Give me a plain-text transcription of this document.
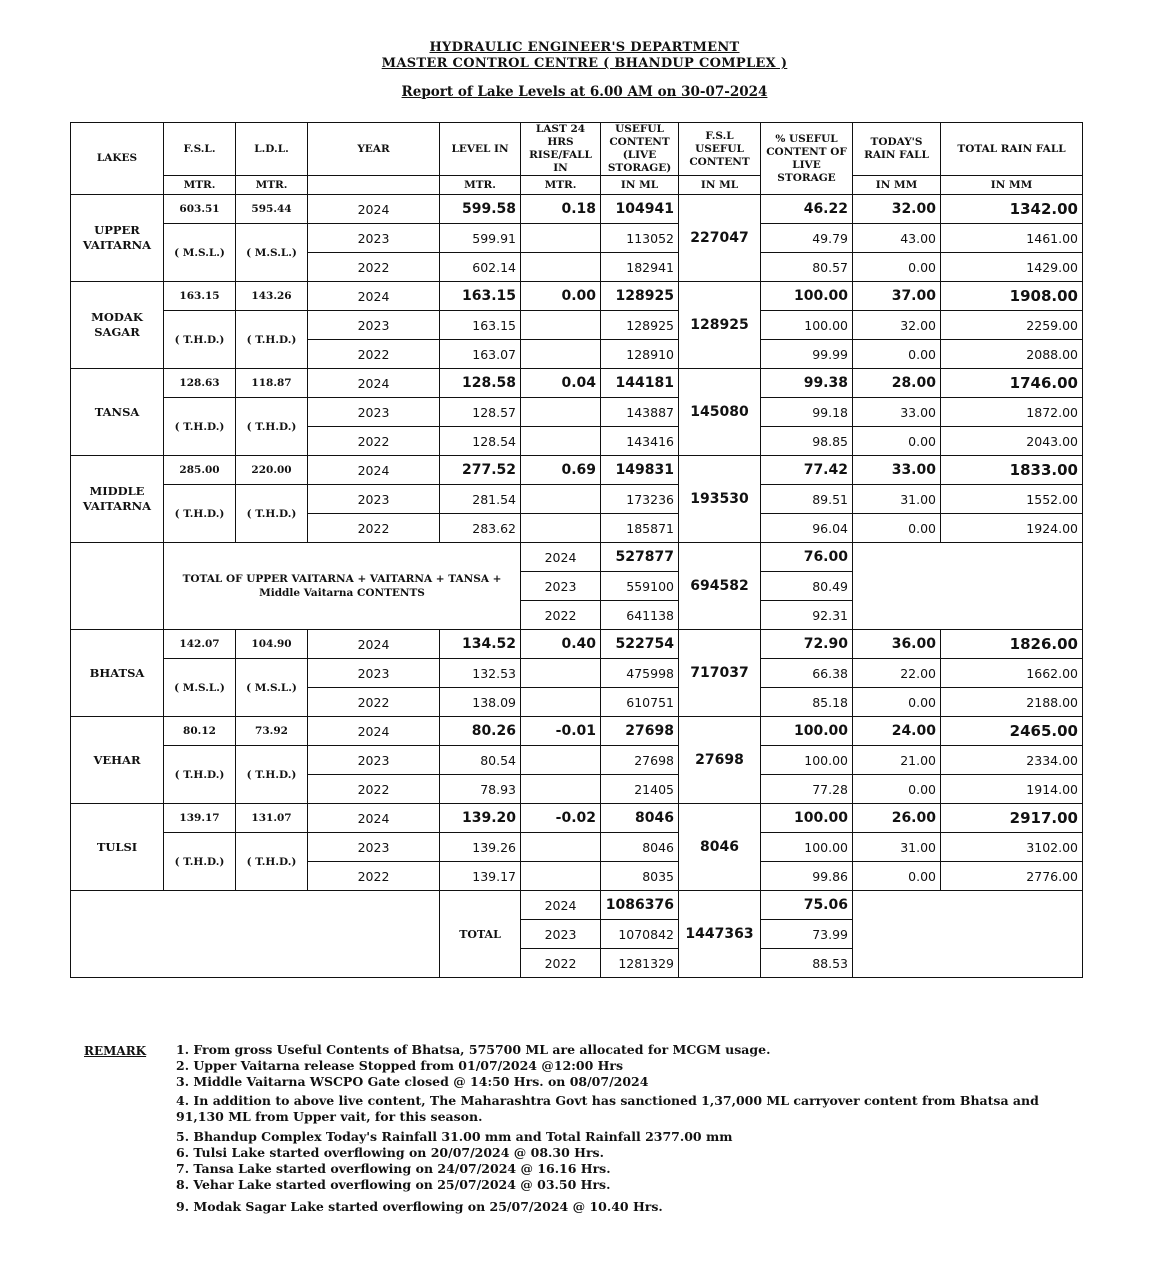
HYDRAULIC ENGINEER'S DEPARTMENT
MASTER CONTROL CENTRE ( BHANDUP COMPLEX )
Report of Lake Levels at 6.00 AM on 30-07-2024
LAKES	F.S.L.	L.D.L.	YEAR	LEVEL IN	LAST 24 HRS RISE/FALL IN	USEFUL CONTENT (LIVE STORAGE)	F.S.L USEFUL CONTENT	% USEFUL CONTENT OF LIVE STORAGE	TODAY'S RAIN FALL	TOTAL RAIN FALL
	MTR.	MTR.		MTR.	MTR.	IN ML	IN ML		IN MM	IN MM
UPPER VAITARNA	603.51	595.44	2024	599.58	0.18	104941	227047	46.22	32.00	1342.00
	( M.S.L.)	( M.S.L.)	2023	599.91		113052		49.79	43.00	1461.00
			2022	602.14		182941		80.57	0.00	1429.00
MODAK SAGAR	163.15	143.26	2024	163.15	0.00	128925	128925	100.00	37.00	1908.00
	( T.H.D.)	( T.H.D.)	2023	163.15		128925		100.00	32.00	2259.00
			2022	163.07		128910		99.99	0.00	2088.00
TANSA	128.63	118.87	2024	128.58	0.04	144181	145080	99.38	28.00	1746.00
	( T.H.D.)	( T.H.D.)	2023	128.57		143887		99.18	33.00	1872.00
			2022	128.54		143416		98.85	0.00	2043.00
MIDDLE VAITARNA	285.00	220.00	2024	277.52	0.69	149831	193530	77.42	33.00	1833.00
	( T.H.D.)	( T.H.D.)	2023	281.54		173236		89.51	31.00	1552.00
			2022	283.62		185871		96.04	0.00	1924.00
	TOTAL OF UPPER VAITARNA + VAITARNA + TANSA + Middle Vaitarna CONTENTS				2024	527877	694582	76.00		
					2023	559100		80.49		
					2022	641138		92.31		
BHATSA	142.07	104.90	2024	134.52	0.40	522754	717037	72.90	36.00	1826.00
	( M.S.L.)	( M.S.L.)	2023	132.53		475998		66.38	22.00	1662.00
			2022	138.09		610751		85.18	0.00	2188.00
VEHAR	80.12	73.92	2024	80.26	-0.01	27698	27698	100.00	24.00	2465.00
	( T.H.D.)	( T.H.D.)	2023	80.54		27698		100.00	21.00	2334.00
			2022	78.93		21405		77.28	0.00	1914.00
TULSI	139.17	131.07	2024	139.20	-0.02	8046	8046	100.00	26.00	2917.00
	( T.H.D.)	( T.H.D.)	2023	139.26		8046		100.00	31.00	3102.00
			2022	139.17		8035		99.86	0.00	2776.00
				TOTAL	2024	1086376	1447363	75.06		
					2023	1070842		73.99		
					2022	1281329		88.53		
REMARK 1. From gross Useful Contents of Bhatsa, 575700 ML are allocated for MCGM usage.
2. Upper Vaitarna release Stopped from 01/07/2024 @12:00 Hrs
3. Middle Vaitarna WSCPO Gate closed @ 14:50 Hrs. on 08/07/2024
4. In addition to above live content, The Maharashtra Govt has sanctioned 1,37,000 ML carryover content from Bhatsa and 91,130 ML from Upper vait, for this season.
5. Bhandup Complex Today's Rainfall 31.00 mm and Total Rainfall 2377.00 mm
6. Tulsi Lake started overflowing on 20/07/2024 @ 08.30 Hrs.
7. Tansa Lake started overflowing on 24/07/2024 @ 16.16 Hrs.
8. Vehar Lake started overflowing on 25/07/2024 @ 03.50 Hrs.
9. Modak Sagar Lake started overflowing on 25/07/2024 @ 10.40 Hrs.
